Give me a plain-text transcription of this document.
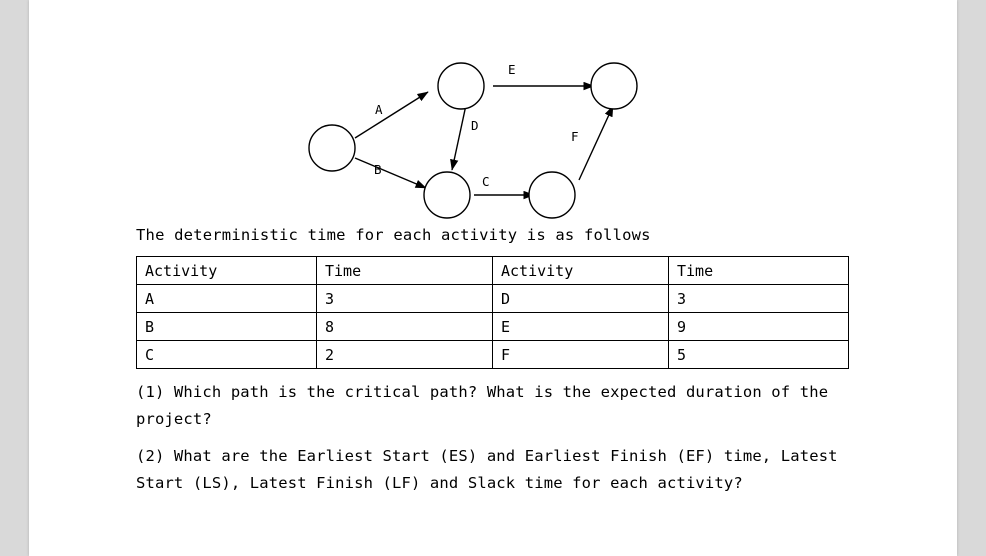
A
B
C
D
E
F
The deterministic time for each activity is as follows
Activity	Time	Activity	Time
A	3	D	3
B	8	E	9
C	2	F	5
(1) Which path is the critical path? What is the expected duration of the project?
(2) What are the Earliest Start (ES) and Earliest Finish (EF) time, Latest Start (LS), Latest Finish (LF) and Slack time for each activity?
